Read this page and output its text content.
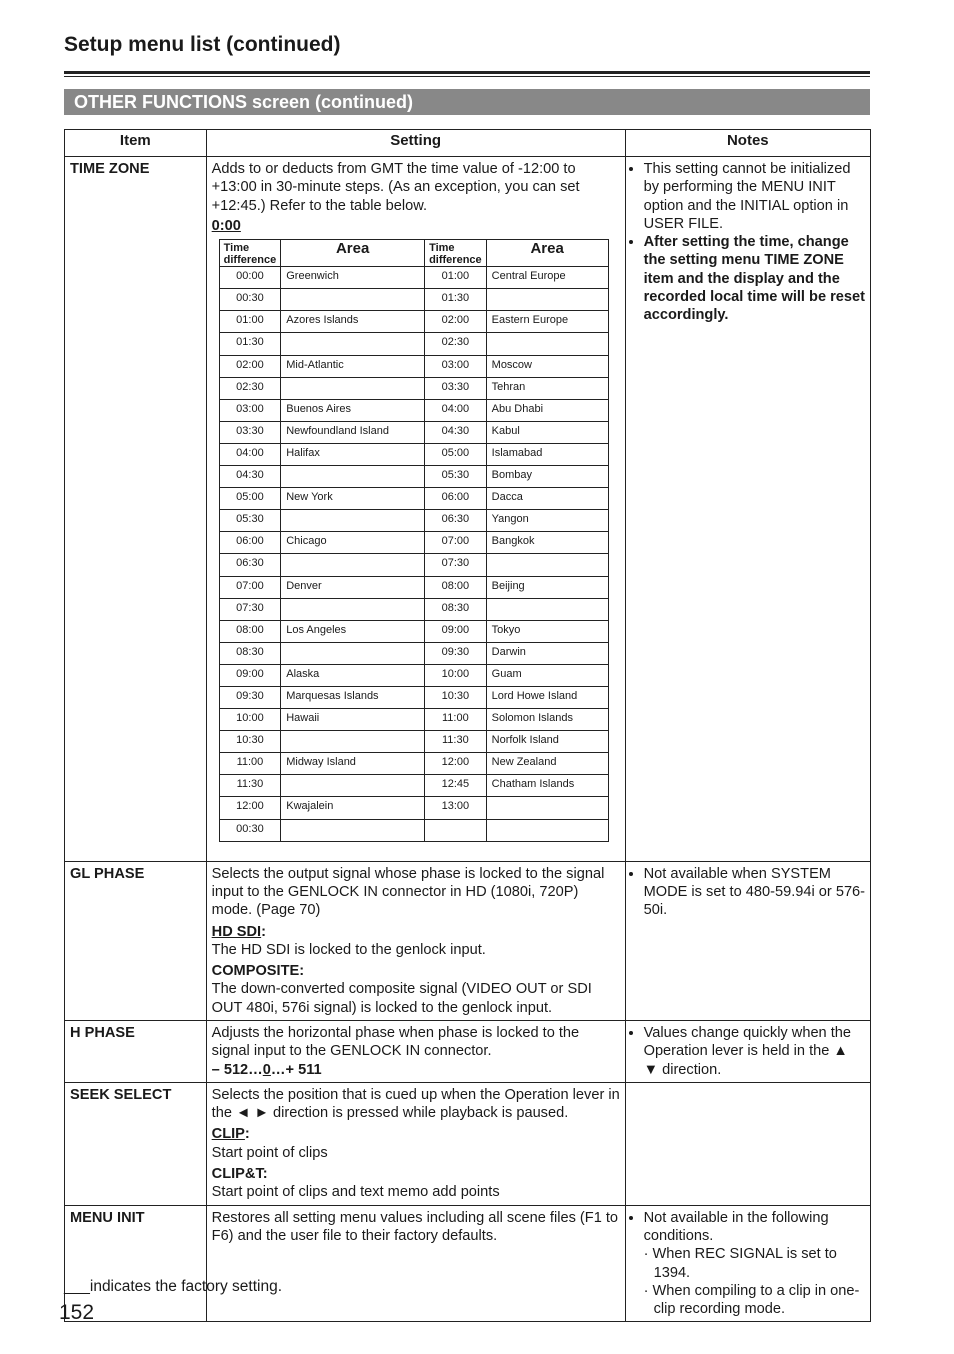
Setup menu list (continued)
OTHER FUNCTIONS screen (continued)
Item	Setting	Notes
TIME ZONE	Adds to or deducts from GMT the time value of -12:00 to +13:00 in 30-minute steps. (As an exception, you can set +12:45.) Refer to the table below.
0:00
Time difference	Area	Time difference	Area
00:00	Greenwich	01:00	Central Europe
00:30		01:30	
01:00	Azores Islands	02:00	Eastern Europe
01:30		02:30	
02:00	Mid-Atlantic	03:00	Moscow
02:30		03:30	Tehran
03:00	Buenos Aires	04:00	Abu Dhabi
03:30	Newfoundland Island	04:30	Kabul
04:00	Halifax	05:00	Islamabad
04:30		05:30	Bombay
05:00	New York	06:00	Dacca
05:30		06:30	Yangon
06:00	Chicago	07:00	Bangkok
06:30		07:30	
07:00	Denver	08:00	Beijing
07:30		08:30	
08:00	Los Angeles	09:00	Tokyo
08:30		09:30	Darwin
09:00	Alaska	10:00	Guam
09:30	Marquesas Islands	10:30	Lord Howe Island
10:00	Hawaii	11:00	Solomon Islands
10:30		11:30	Norfolk Island
11:00	Midway Island	12:00	New Zealand
11:30		12:45	Chatham Islands
12:00	Kwajalein	13:00	
00:30			

• This setting cannot be initialized by performing the MENU INIT option and the INITIAL option in USER FILE.
• After setting the time, change the setting menu TIME ZONE item and the display and the recorded local time will be reset accordingly.

GL PHASE	Selects the output signal whose phase is locked to the signal input to the GENLOCK IN connector in HD (1080i, 720P) mode. (Page 70)
HD SDI:
The HD SDI is locked to the genlock input.
COMPOSITE:
The down-converted composite signal (VIDEO OUT or SDI OUT 480i, 576i signal) is locked to the genlock input.

• Not available when SYSTEM MODE is set to 480-59.94i or 576-50i.

H PHASE	Adjusts the horizontal phase when phase is locked to the signal input to the GENLOCK IN connector.
– 512…0…+ 511

• Values change quickly when the Operation lever is held in the ▲ ▼ direction.

SEEK SELECT	Selects the position that is cued up when the Operation lever in the ◄ ► direction is pressed while playback is paused.
CLIP:
Start point of clips
CLIP&T:
Start point of clips and text memo add points

MENU INIT	Restores all setting menu values including all scene files (F1 to F6) and the user file to their factory defaults.

• Not available in the following conditions.
· When REC SIGNAL is set to 1394.
· When compiling to a clip in one-clip recording mode.
___indicates the factory setting.
152
